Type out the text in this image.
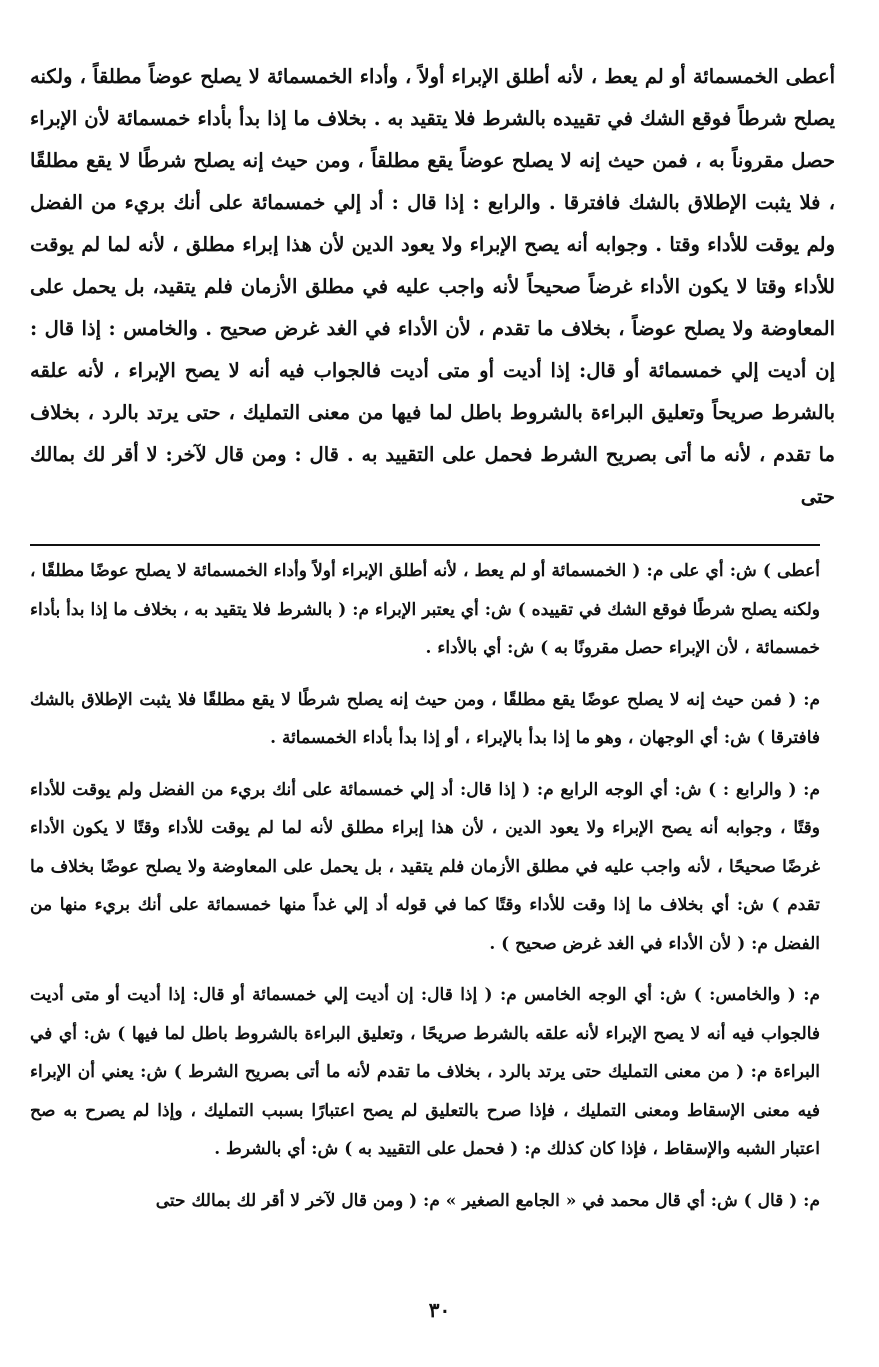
أعطى الخمسمائة أو لم يعط ، لأنه أطلق الإبراء أولاً ، وأداء الخمسمائة لا يصلح عوضاً مطلقاً ، ولكنه يصلح شرطاً فوقع الشك في تقييده بالشرط فلا يتقيد به . بخلاف ما إذا بدأ بأداء خمسمائة لأن الإبراء حصل مقروناً به ، فمن حيث إنه لا يصلح عوضاً يقع مطلقاً ، ومن حيث إنه يصلح شرطًا لا يقع مطلقًا ، فلا يثبت الإطلاق بالشك فافترقا . والرابع : إذا قال : أد إلي خمسمائة على أنك بريء من الفضل ولم يوقت للأداء وقتا . وجوابه أنه يصح الإبراء ولا يعود الدين لأن هذا إبراء مطلق ، لأنه لما لم يوقت للأداء وقتا لا يكون الأداء غرضاً صحيحاً لأنه واجب عليه في مطلق الأزمان فلم يتقيد، بل يحمل على المعاوضة ولا يصلح عوضاً ، بخلاف ما تقدم ، لأن الأداء في الغد غرض صحيح . والخامس : إذا قال : إن أديت إلي خمسمائة أو قال: إذا أديت أو متى أديت فالجواب فيه أنه لا يصح الإبراء ، لأنه علقه بالشرط صريحاً وتعليق البراءة بالشروط باطل لما فيها من معنى التمليك ، حتى يرتد بالرد ، بخلاف ما تقدم ، لأنه ما أتى بصريح الشرط فحمل على التقييد به . قال : ومن قال لآخر: لا أقر لك بمالك حتى

أعطى ) ش: أي على م: ( الخمسمائة أو لم يعط ، لأنه أطلق الإبراء أولاً وأداء الخمسمائة لا يصلح عوضًا مطلقًا ، ولكنه يصلح شرطًا فوقع الشك في تقييده ) ش: أي يعتبر الإبراء م: ( بالشرط فلا يتقيد به ، بخلاف ما إذا بدأ بأداء خمسمائة ، لأن الإبراء حصل مقرونًا به ) ش: أي بالأداء .

م: ( فمن حيث إنه لا يصلح عوضًا يقع مطلقًا ، ومن حيث إنه يصلح شرطًا لا يقع مطلقًا فلا يثبت الإطلاق بالشك فافترقا ) ش: أي الوجهان ، وهو ما إذا بدأ بالإبراء ، أو إذا بدأ بأداء الخمسمائة .

م: ( والرابع : ) ش: أي الوجه الرابع م: ( إذا قال: أد إلي خمسمائة على أنك بريء من الفضل ولم يوقت للأداء وقتًا ، وجوابه أنه يصح الإبراء ولا يعود الدين ، لأن هذا إبراء مطلق لأنه لما لم يوقت للأداء وقتًا لا يكون الأداء غرضًا صحيحًا ، لأنه واجب عليه في مطلق الأزمان فلم يتقيد ، بل يحمل على المعاوضة ولا يصلح عوضًا بخلاف ما تقدم ) ش: أي بخلاف ما إذا وقت للأداء وقتًا كما في قوله أد إلي غداً منها خمسمائة على أنك بريء منها من الفضل م: ( لأن الأداء في الغد غرض صحيح ) .

م: ( والخامس: ) ش: أي الوجه الخامس م: ( إذا قال: إن أديت إلي خمسمائة أو قال: إذا أديت أو متى أديت فالجواب فيه أنه لا يصح الإبراء لأنه علقه بالشرط صريحًا ، وتعليق البراءة بالشروط باطل لما فيها ) ش: أي في البراءة م: ( من معنى التمليك حتى يرتد بالرد ، بخلاف ما تقدم لأنه ما أتى بصريح الشرط ) ش: يعني أن الإبراء فيه معنى الإسقاط ومعنى التمليك ، فإذا صرح بالتعليق لم يصح اعتبارًا بسبب التمليك ، وإذا لم يصرح به صح اعتبار الشبه والإسقاط ، فإذا كان كذلك م: ( فحمل على التقييد به ) ش: أي بالشرط .

م: ( قال ) ش: أي قال محمد في « الجامع الصغير » م: ( ومن قال لآخر لا أقر لك بمالك حتى

٣٠
